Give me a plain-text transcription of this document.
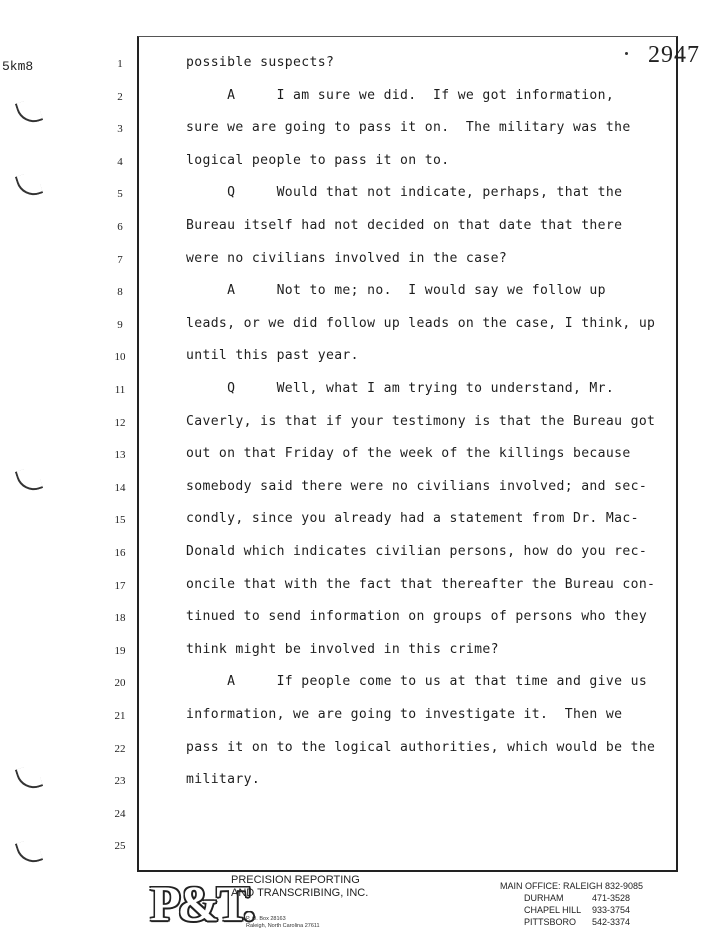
5km8	2947
1
2
3
4
5
6
7
8
9
10
11
12
13
14
15
16
17
18
19
20
21
22
23
24
25
possible suspects?
A     I am sure we did.  If we got information,
sure we are going to pass it on.  The military was the
logical people to pass it on to.
Q     Would that not indicate, perhaps, that the
Bureau itself had not decided on that date that there
were no civilians involved in the case?
A     Not to me; no.  I would say we follow up
leads, or we did follow up leads on the case, I think, up
until this past year.
Q     Well, what I am trying to understand, Mr.
Caverly, is that if your testimony is that the Bureau got
out on that Friday of the week of the killings because
somebody said there were no civilians involved; and sec-
condly, since you already had a statement from Dr. Mac-
Donald which indicates civilian persons, how do you rec-
oncile that with the fact that thereafter the Bureau con-
tinued to send information on groups of persons who they
think might be involved in this crime?
A     If people come to us at that time and give us
information, we are going to investigate it.  Then we
pass it on to the logical authorities, which would be the
military.
P&T.
PRECISION REPORTING
AND TRANSCRIBING, INC.
P. O. Box 28163
Raleigh, North Carolina 27611
MAIN OFFICE: RALEIGH 832-9085
DURHAM	471-3528
CHAPEL HILL 933-3754
PITTSBORO 542-3374
